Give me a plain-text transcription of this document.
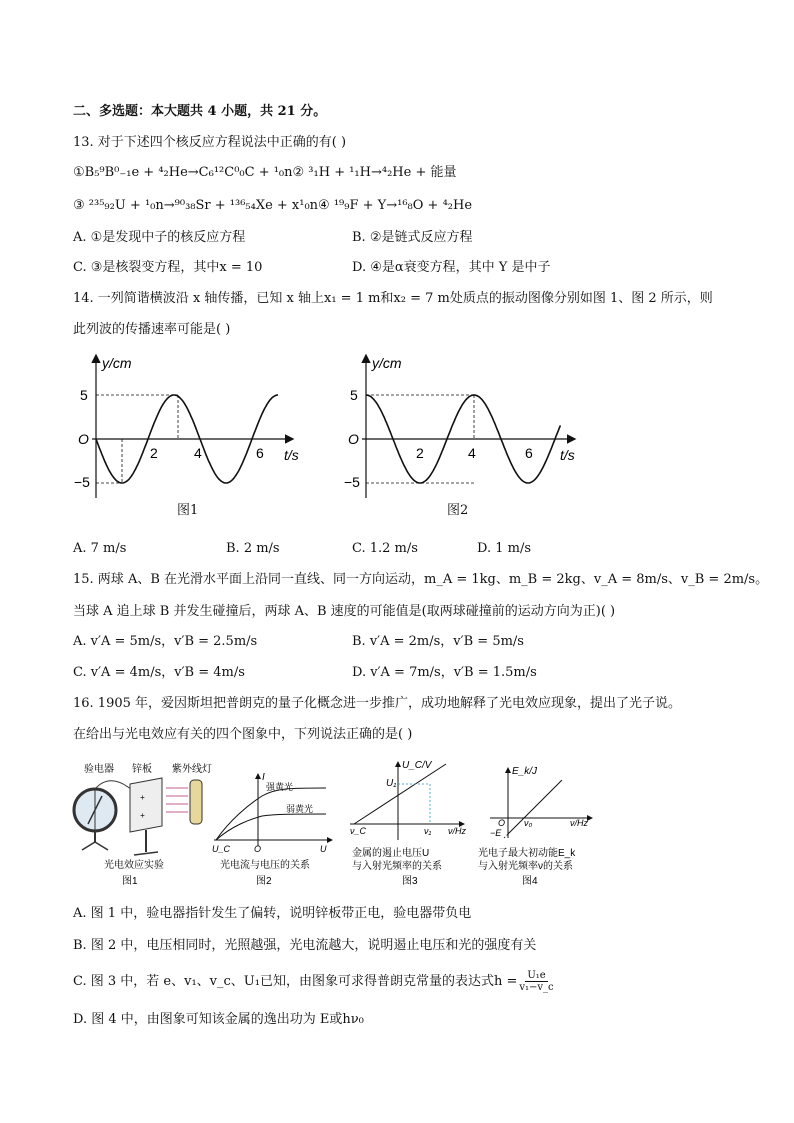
二、多选题：本大题共 4 小题，共 21 分。
13. 对于下述四个核反应方程说法中正确的有( )
①B₅⁹B⁰₋₁e + ⁴₂He→C₆¹²C⁰₀C + ¹₀n② ³₁H + ¹₁H→⁴₂He + 能量
③ ²³⁵₉₂U + ¹₀n→⁹⁰₃₈Sr + ¹³⁶₅₄Xe + x¹₀n④ ¹⁹₉F + Y→¹⁶₈O + ⁴₂He
A. ①是发现中子的核反应方程	B. ②是链式反应方程
C. ③是核裂变方程，其中x = 10	D. ④是α衰变方程，其中 Y 是中子
14. 一列简谐横波沿 x 轴传播，已知 x 轴上x₁ = 1 m和x₂ = 7 m处质点的振动图像分别如图 1、图 2 所示，则
此列波的传播速率可能是( )
y/cm
O
5
−5
2	4	6 t/s
图1
y/cm
O
5
−5
2	4	6 t/s
图2
A. 7 m/s	B. 2 m/s	C. 1.2 m/s	D. 1 m/s
15. 两球 A、B 在光滑水平面上沿同一直线、同一方向运动，m_A = 1kg、m_B = 2kg、v_A = 8m/s、v_B = 2m/s。
当球 A 追上球 B 并发生碰撞后，两球 A、B 速度的可能值是(取两球碰撞前的运动方向为正)( )
A. v′A = 5m/s，v′B = 2.5m/s	B. v′A = 2m/s，v′B = 5m/s
C. v′A = 4m/s，v′B = 4m/s	D. v′A = 7m/s，v′B = 1.5m/s
16. 1905 年，爱因斯坦把普朗克的量子化概念进一步推广，成功地解释了光电效应现象，提出了光子说。
在给出与光电效应有关的四个图象中，下列说法正确的是( )
验电器 锌板 紫外线灯
+
+
光电效应实验
图1
I
强黄光
弱黄光
U_C	O	U
光电流与电压的关系
图2
U_C/V
U₁
ν_C	ν₁ ν/Hz
金属的遏止电压U
与入射光频率的关系
图3
E_k/J
O ν₀	ν/Hz
−E
光电子最大初动能E_k
与入射光频率ν的关系
图4
A. 图 1 中，验电器指针发生了偏转，说明锌板带正电，验电器带负电
B. 图 2 中，电压相同时，光照越强，光电流越大，说明遏止电压和光的强度有关
C. 图 3 中，若 e、v₁、v_c、U₁已知，由图象可求得普朗克常量的表达式$h = \frac{\text{U₁e}}{\text{v₁−v\_c}}$
D. 图 4 中，由图象可知该金属的逸出功为 E或hν₀
